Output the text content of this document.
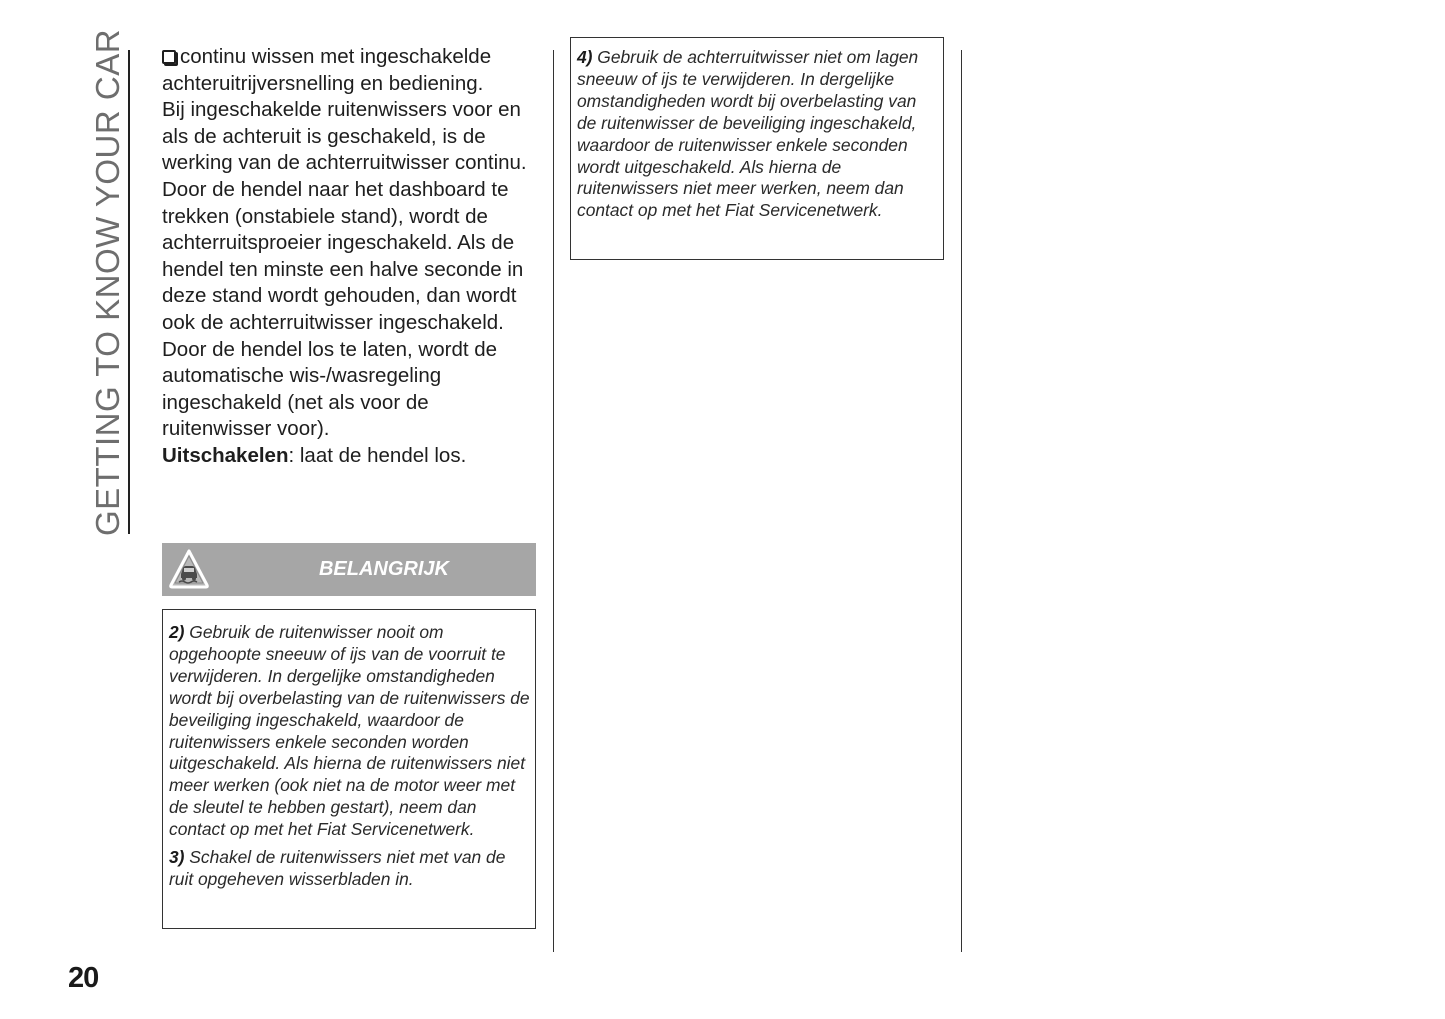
GETTING TO KNOW YOUR CAR	continu wissen met ingeschakelde achteruitrijversnelling en bediening.

Bij ingeschakelde ruitenwissers voor en als de achteruit is geschakeld, is de werking van de achterruitwisser continu. Door de hendel naar het dashboard te trekken (onstabiele stand), wordt de achterruitsproeier ingeschakeld. Als de hendel ten minste een halve seconde in deze stand wordt gehouden, dan wordt ook de achterruitwisser ingeschakeld. Door de hendel los te laten, wordt de automatische wis-/wasregeling ingeschakeld (net als voor de ruitenwisser voor).

Uitschakelen: laat de hendel los.

BELANGRIJK

2) Gebruik de ruitenwisser nooit om opgehoopte sneeuw of ijs van de voorruit te verwijderen. In dergelijke omstandigheden wordt bij overbelasting van de ruitenwissers de beveiliging ingeschakeld, waardoor de ruitenwissers enkele seconden worden uitgeschakeld. Als hierna de ruitenwissers niet meer werken (ook niet na de motor weer met de sleutel te hebben gestart), neem dan contact op met het Fiat Servicenetwerk.

3) Schakel de ruitenwissers niet met van de ruit opgeheven wisserbladen in.

4) Gebruik de achterruitwisser niet om lagen sneeuw of ijs te verwijderen. In dergelijke omstandigheden wordt bij overbelasting van de ruitenwisser de beveiliging ingeschakeld, waardoor de ruitenwisser enkele seconden wordt uitgeschakeld. Als hierna de ruitenwissers niet meer werken, neem dan contact op met het Fiat Servicenetwerk.

20
